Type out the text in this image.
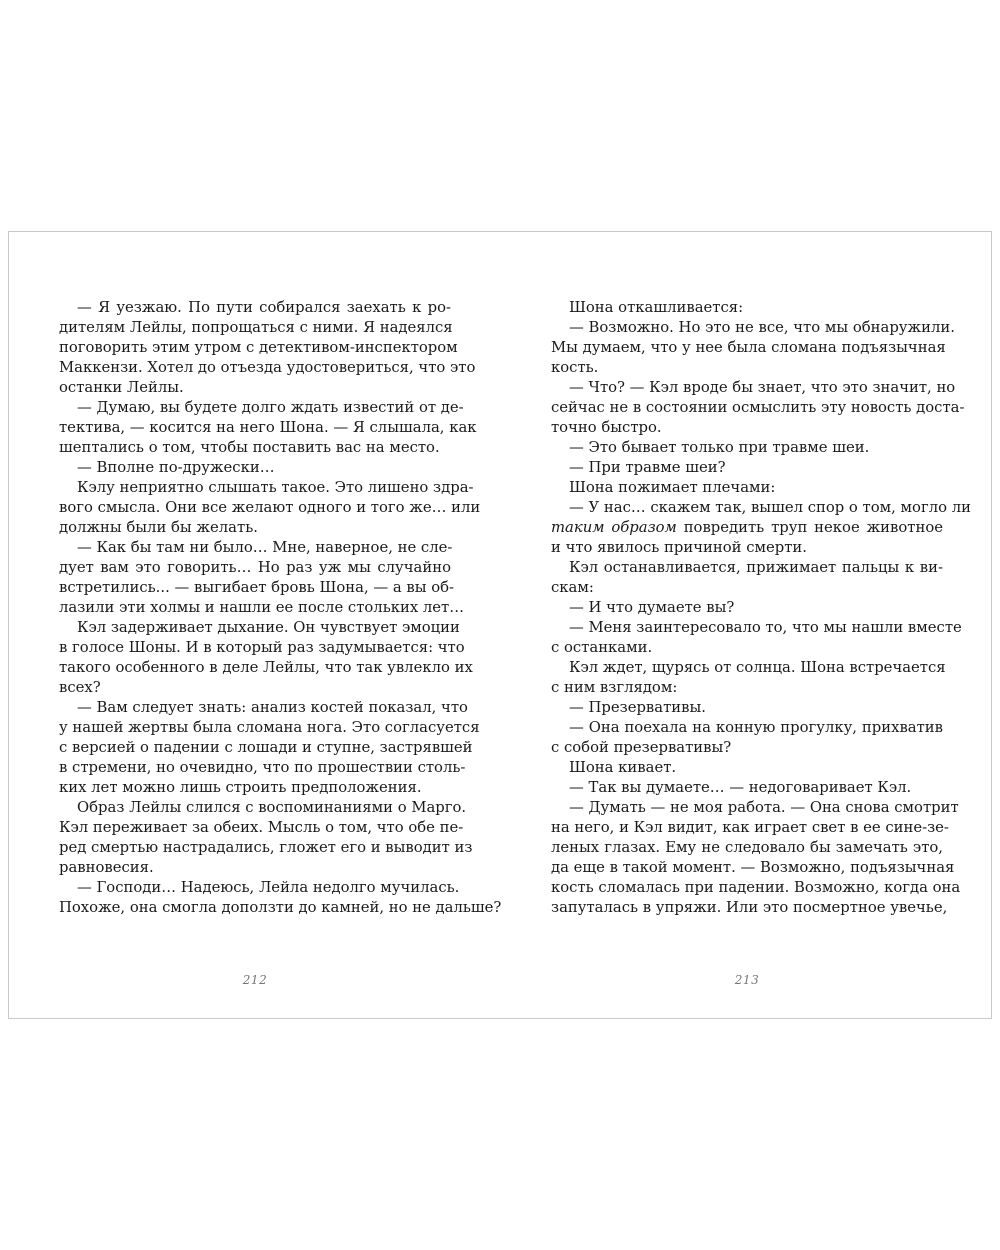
— Я уезжаю. По пути собирался заехать к ро-
дителям Лейлы, попрощаться с ними. Я надеялся
поговорить этим утром с детективом-инспектором
Маккензи. Хотел до отъезда удостовериться, что это
останки Лейлы.
— Думаю, вы будете долго ждать известий от де-
тектива, — косится на него Шона. — Я слышала, как
шептались о том, чтобы поставить вас на место.
— Вполне по-дружески…
Кэлу неприятно слышать такое. Это лишено здра-
вого смысла. Они все желают одного и того же… или
должны были бы желать.
— Как бы там ни было… Мне, наверное, не сле-
дует вам это говорить… Но раз уж мы случайно
встретились... — выгибает бровь Шона, — а вы об-
лазили эти холмы и нашли ее после стольких лет…
Кэл задерживает дыхание. Он чувствует эмоции
в голосе Шоны. И в который раз задумывается: что
такого особенного в деле Лейлы, что так увлекло их
всех?
— Вам следует знать: анализ костей показал, что
у нашей жертвы была сломана нога. Это согласуется
с версией о падении с лошади и ступне, застрявшей
в стремени, но очевидно, что по прошествии столь-
ких лет можно лишь строить предположения.
Образ Лейлы слился с воспоминаниями о Марго.
Кэл переживает за обеих. Мысль о том, что обе пе-
ред смертью настрадались, гложет его и выводит из
равновесия.
— Господи… Надеюсь, Лейла недолго мучилась.
Похоже, она смогла доползти до камней, но не дальше?
212
Шона откашливается:
— Возможно. Но это не все, что мы обнаружили.
Мы думаем, что у нее была сломана подъязычная
кость.
— Что? — Кэл вроде бы знает, что это значит, но
сейчас не в состоянии осмыслить эту новость доста-
точно быстро.
— Это бывает только при травме шеи.
— При травме шеи?
Шона пожимает плечами:
— У нас… скажем так, вышел спор о том, могло ли
таким образом повредить труп некое животное
и что явилось причиной смерти.
Кэл останавливается, прижимает пальцы к ви-
скам:
— И что думаете вы?
— Меня заинтересовало то, что мы нашли вместе
с останками.
Кэл ждет, щурясь от солнца. Шона встречается
с ним взглядом:
— Презервативы.
— Она поехала на конную прогулку, прихватив
с собой презервативы?
Шона кивает.
— Так вы думаете… — недоговаривает Кэл.
— Думать — не моя работа. — Она снова смотрит
на него, и Кэл видит, как играет свет в ее сине-зе-
леных глазах. Ему не следовало бы замечать это,
да еще в такой момент. — Возможно, подъязычная
кость сломалась при падении. Возможно, когда она
запуталась в упряжи. Или это посмертное увечье,
213
